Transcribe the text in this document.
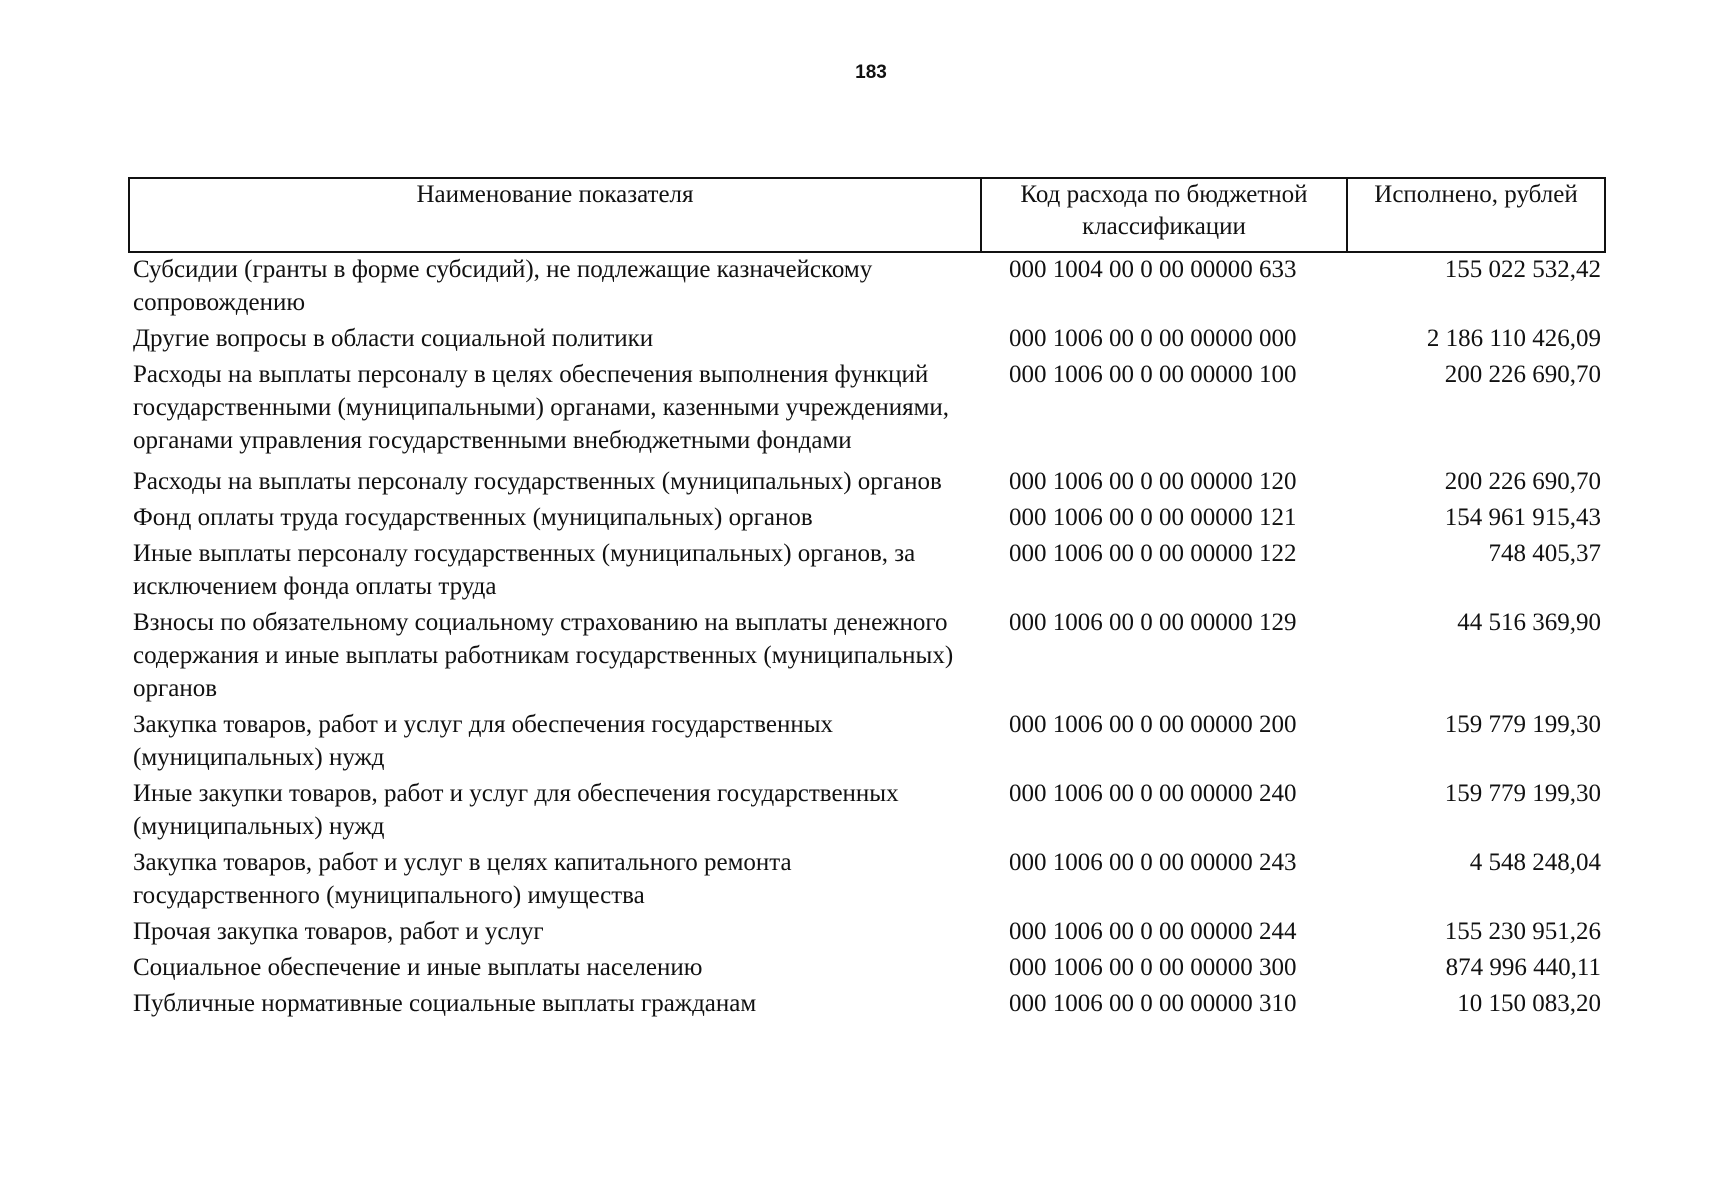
183
Наименование показателя	Код расхода по бюджетной классификации	Исполнено, рублей
Субсидии (гранты в форме субсидий), не подлежащие казначейскому сопровождению	000 1004 00 0 00 00000 633	155 022 532,42
Другие вопросы в области социальной политики	000 1006 00 0 00 00000 000	2 186 110 426,09
Расходы на выплаты персоналу в целях обеспечения выполнения функций государственными (муниципальными) органами, казенными учреждениями, органами управления государственными внебюджетными фондами	000 1006 00 0 00 00000 100	200 226 690,70
Расходы на выплаты персоналу государственных (муниципальных) органов	000 1006 00 0 00 00000 120	200 226 690,70
Фонд оплаты труда государственных (муниципальных) органов	000 1006 00 0 00 00000 121	154 961 915,43
Иные выплаты персоналу государственных (муниципальных) органов, за исключением фонда оплаты труда	000 1006 00 0 00 00000 122	748 405,37
Взносы по обязательному социальному страхованию на выплаты денежного содержания и иные выплаты работникам государственных (муниципальных) органов	000 1006 00 0 00 00000 129	44 516 369,90
Закупка товаров, работ и услуг для обеспечения государственных (муниципальных) нужд	000 1006 00 0 00 00000 200	159 779 199,30
Иные закупки товаров, работ и услуг для обеспечения государственных (муниципальных) нужд	000 1006 00 0 00 00000 240	159 779 199,30
Закупка товаров, работ и услуг в целях капитального ремонта государственного (муниципального) имущества	000 1006 00 0 00 00000 243	4 548 248,04
Прочая закупка товаров, работ и услуг	000 1006 00 0 00 00000 244	155 230 951,26
Социальное обеспечение и иные выплаты населению	000 1006 00 0 00 00000 300	874 996 440,11
Публичные нормативные социальные выплаты гражданам	000 1006 00 0 00 00000 310	10 150 083,20
